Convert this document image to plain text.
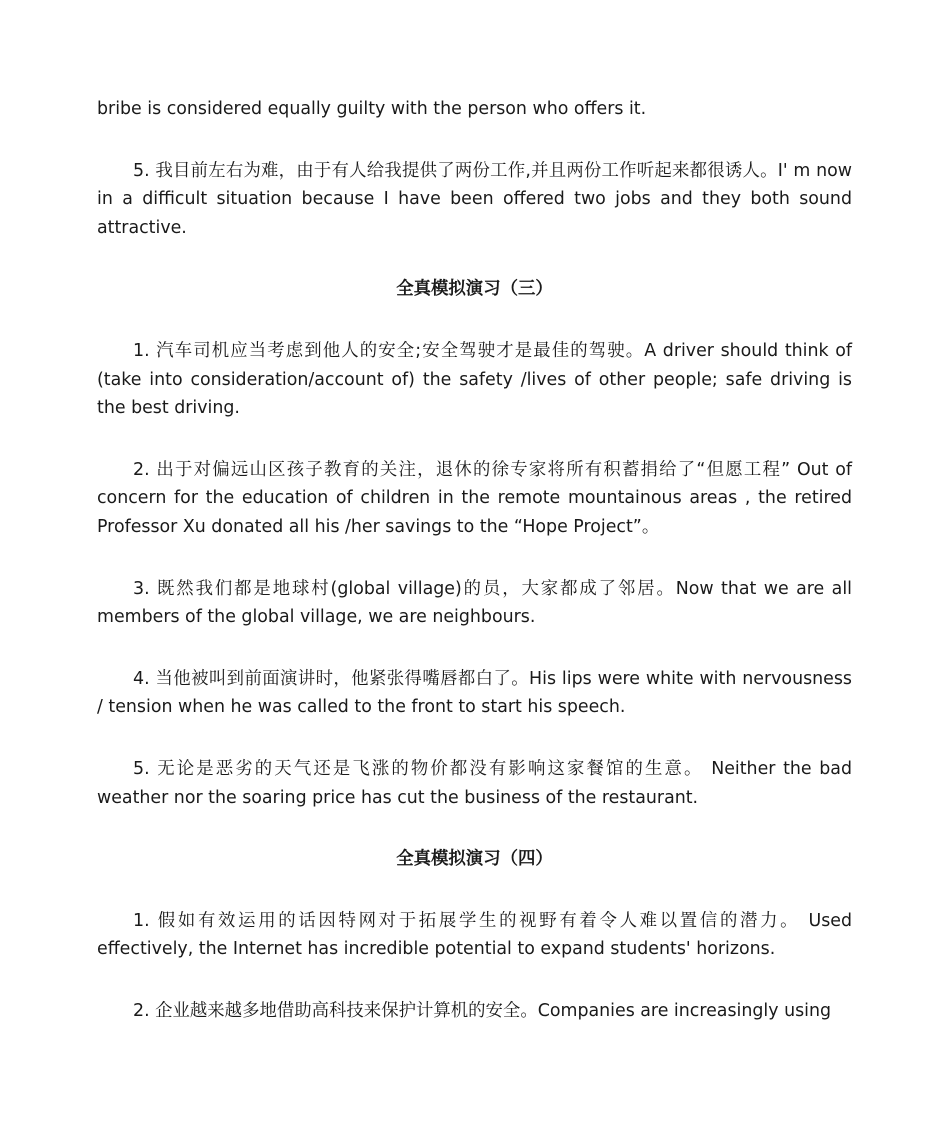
bribe is considered equally guilty with the person who offers it.

5. 我目前左右为难，由于有人给我提供了两份工作,并且两份工作听起来都很诱人。I' m now in a difficult situation because I have been offered two jobs and they both sound attractive.

全真模拟演习（三）

1. 汽车司机应当考虑到他人的安全;安全驾驶才是最佳的驾驶。A driver should think of (take into consideration/account of) the safety /lives of other people; safe driving is the best driving.

2. 出于对偏远山区孩子教育的关注，退休的徐专家将所有积蓄捐给了“但愿工程” Out of concern for the education of children in the remote mountainous areas , the retired Professor Xu donated all his /her savings to the “Hope Project”。

3. 既然我们都是地球村(global village)的员，大家都成了邻居。Now that we are all members of the global village, we are neighbours.

4. 当他被叫到前面演讲时，他紧张得嘴唇都白了。His lips were white with nervousness / tension when he was called to the front to start his speech.

5. 无论是恶劣的天气还是飞涨的物价都没有影响这家餐馆的生意。 Neither the bad weather nor the soaring price has cut the business of the restaurant.

全真模拟演习（四）

1. 假如有效运用的话因特网对于拓展学生的视野有着令人难以置信的潜力。 Used effectively, the Internet has incredible potential to expand students' horizons.

2. 企业越来越多地借助高科技来保护计算机的安全。Companies are increasingly using
